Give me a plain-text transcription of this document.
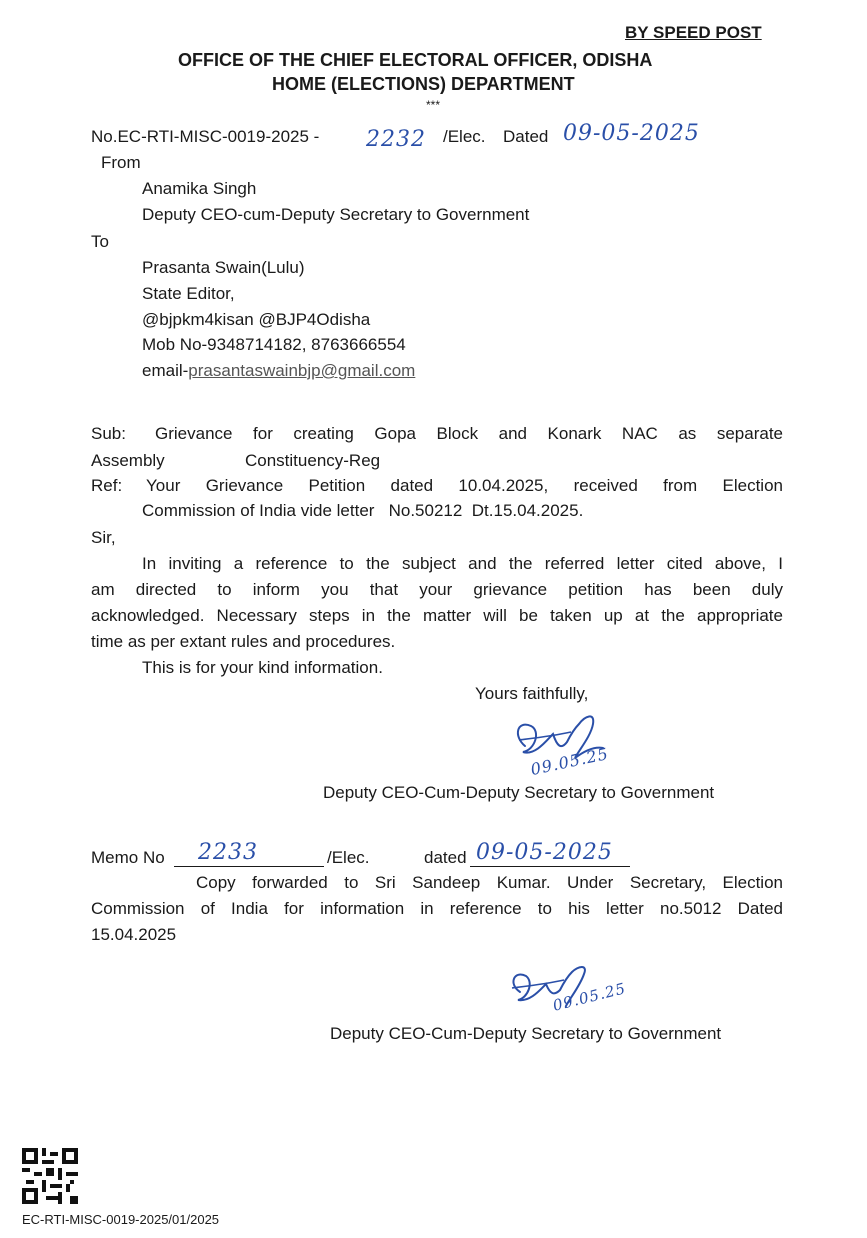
BY SPEED POST
OFFICE OF THE CHIEF ELECTORAL OFFICER, ODISHA
HOME (ELECTIONS) DEPARTMENT
***
No.EC-RTI-MISC-0019-2025 - 2232 /Elec. Dated 09-05-2025
From
Anamika Singh
Deputy CEO-cum-Deputy Secretary to Government
To
Prasanta Swain(Lulu)
State Editor,
@bjpkm4kisan @BJP4Odisha
Mob No-9348714182, 8763666554
email-prasantaswainbjp@gmail.com
Sub: Grievance for creating Gopa Block and Konark NAC as separate
Assembly	Constituency-Reg
Ref: Your Grievance Petition dated 10.04.2025, received from Election
Commission of India vide letter   No.50212  Dt.15.04.2025.
Sir,
In inviting a reference to the subject and the referred letter cited above, I
am directed to inform you that your grievance petition has been duly
acknowledged. Necessary steps in the matter will be taken up at the appropriate
time as per extant rules and procedures.
This is for your kind information.
Yours faithfully,
09.05.25
Deputy CEO-Cum-Deputy Secretary to Government
Memo No 2233	/Elec.	dated 09-05-2025
Copy forwarded to Sri Sandeep Kumar. Under Secretary, Election
Commission of India for information in reference to his letter no.5012 Dated
15.04.2025
09.05.25
Deputy CEO-Cum-Deputy Secretary to Government
EC-RTI-MISC-0019-2025/01/2025
